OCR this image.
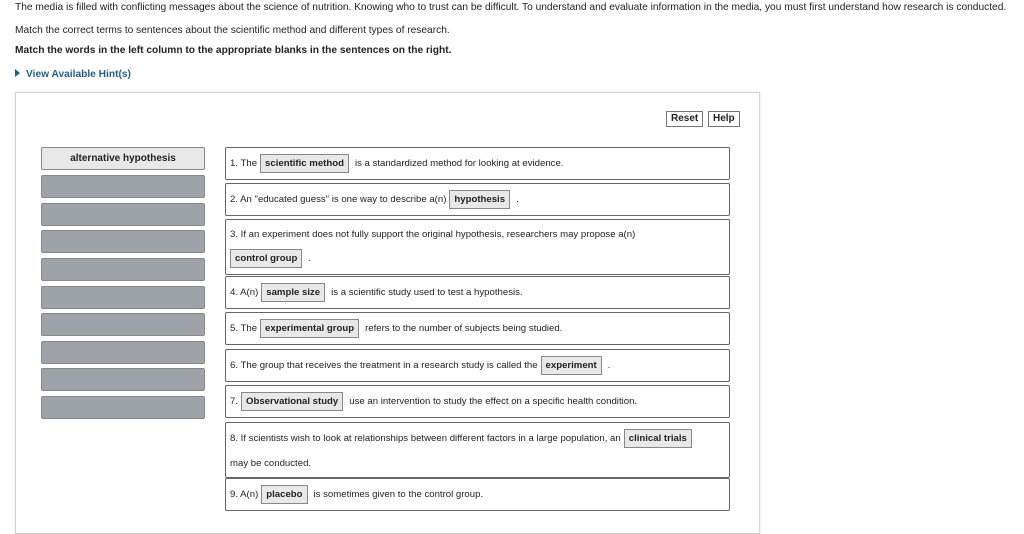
The media is filled with conflicting messages about the science of nutrition. Knowing who to trust can be difficult. To understand and evaluate information in the media, you must first understand how research is conducted.
Match the correct terms to sentences about the scientific method and different types of research.
Match the words in the left column to the appropriate blanks in the sentences on the right.
View Available Hint(s)
Reset	Help
alternative hypothesis	1. The scientific method	is a standardized method for looking at evidence.
2. An "educated guess" is one way to describe a(n) hypothesis	.
3. If an experiment does not fully support the original hypothesis, researchers may propose a(n)
control group	.
4. A(n) sample size	is a scientific study used to test a hypothesis.
5. The experimental group	refers to the number of subjects being studied.
6. The group that receives the treatment in a research study is called the experiment	.
7. Observational study	use an intervention to study the effect on a specific health condition.
8. If scientists wish to look at relationships between different factors in a large population, an clinical trials
may be conducted.
9. A(n) placebo	is sometimes given to the control group.
